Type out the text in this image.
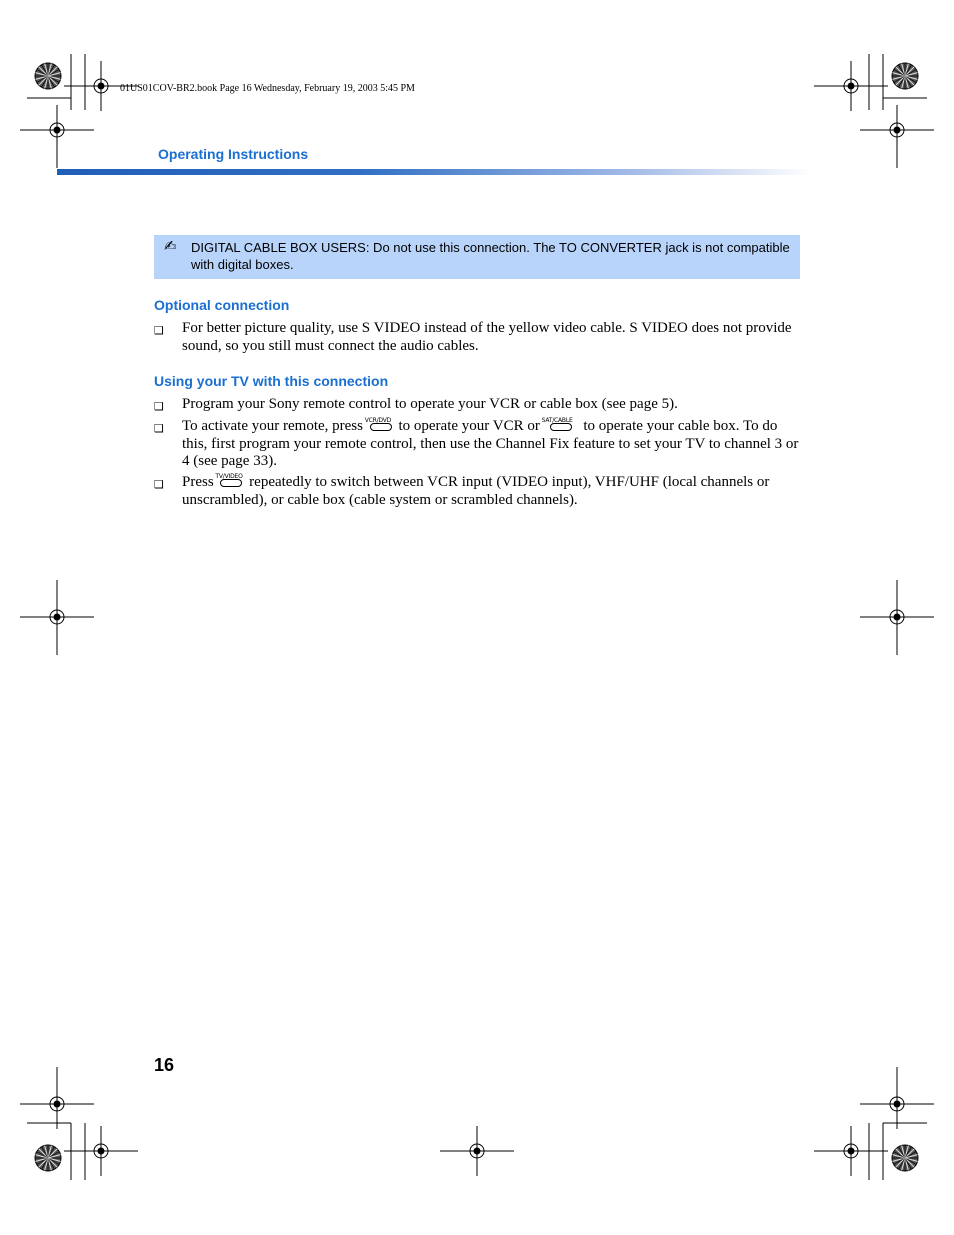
01US01COV-BR2.book Page 16 Wednesday, February 19, 2003 5:45 PM
Operating Instructions
✍ DIGITAL CABLE BOX USERS: Do not use this connection. The TO CONVERTER jack is not compatible with digital boxes.
Optional connection
❑ For better picture quality, use S VIDEO instead of the yellow video cable. S VIDEO does not provide sound, so you still must connect the audio cables.
Using your TV with this connection
❑ Program your Sony remote control to operate your VCR or cable box (see page 5).
❑ To activate your remote, press VCR/DVD to operate your VCR or SAT/CABLE to operate your cable box. To do this, first program your remote control, then use the Channel Fix feature to set your TV to channel 3 or 4 (see page 33).
❑ Press TV/VIDEO repeatedly to switch between VCR input (VIDEO input), VHF/UHF (local channels or unscrambled), or cable box (cable system or scrambled channels).
16
